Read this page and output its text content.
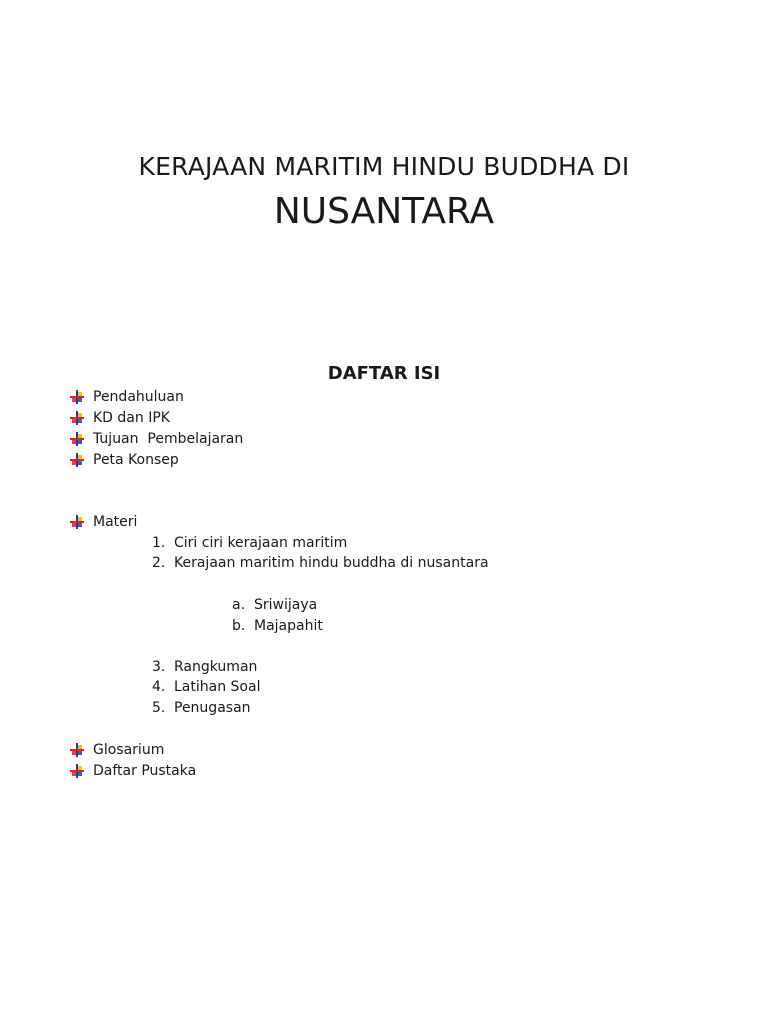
KERAJAAN MARITIM HINDU BUDDHA DI
NUSANTARA
DAFTAR ISI
Pendahuluan
KD dan IPK
Tujuan  Pembelajaran
Peta Konsep
Materi
1. Ciri ciri kerajaan maritim
2. Kerajaan maritim hindu buddha di nusantara
a. Sriwijaya
b. Majapahit
3. Rangkuman
4. Latihan Soal
5. Penugasan
Glosarium
Daftar Pustaka
